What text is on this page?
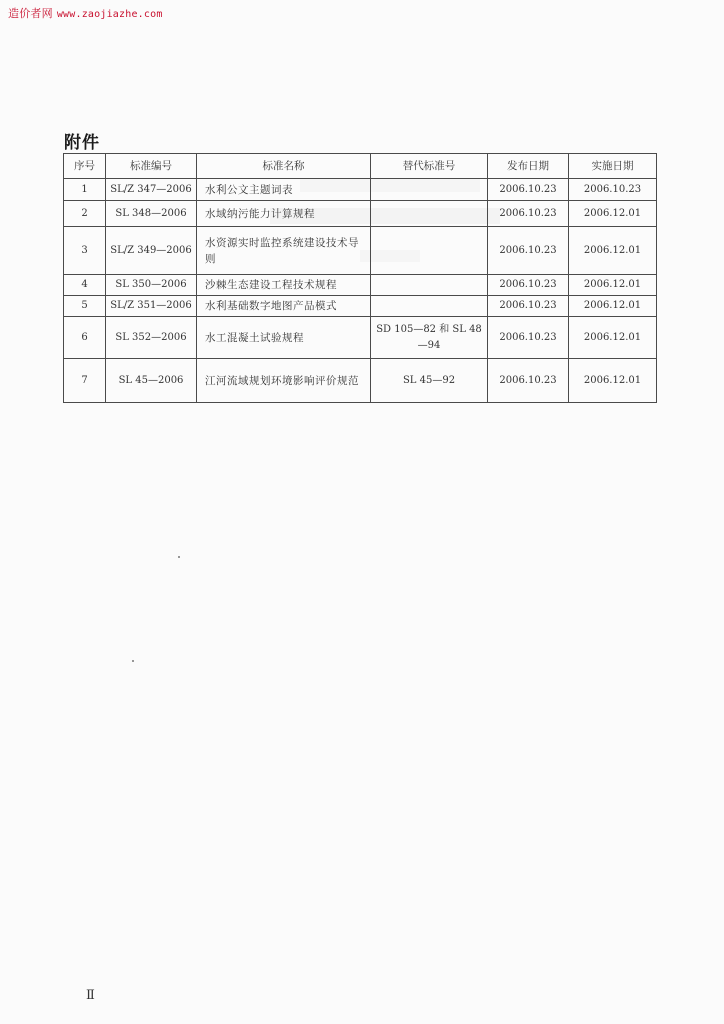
造价者网 www.zaojiazhe.com
附件
序号	标准编号	标准名称	替代标准号	发布日期	实施日期
1	SL/Z 347—2006	水利公文主题词表		2006.10.23	2006.10.23
2	SL 348—2006	水域纳污能力计算规程		2006.10.23	2006.12.01
3	SL/Z 349—2006	水资源实时监控系统建设技术导则		2006.10.23	2006.12.01
4	SL 350—2006	沙棘生态建设工程技术规程		2006.10.23	2006.12.01
5	SL/Z 351—2006	水利基础数字地图产品模式		2006.10.23	2006.12.01
6	SL 352—2006	水工混凝土试验规程	SD 105—82 和 SL 48—94	2006.10.23	2006.12.01
7	SL 45—2006	江河流域规划环境影响评价规范	SL 45—92	2006.10.23	2006.12.01
Ⅱ
